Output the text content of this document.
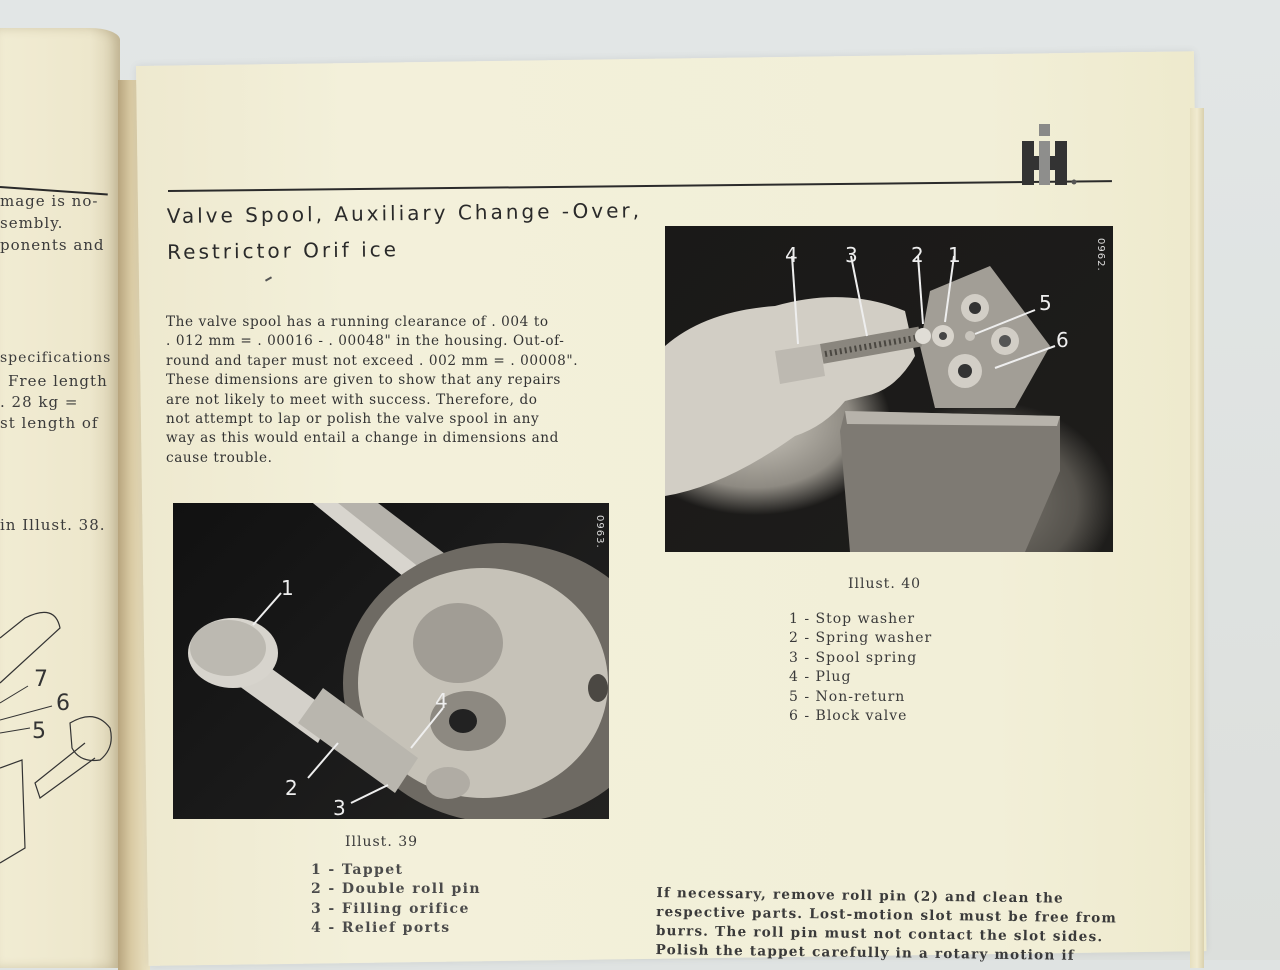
mage is no-
sembly.
ponents and
specifications
Free length
. 28 kg =
st length of
in Illust. 38.
7
6
5
Valve Spool, Auxiliary Change -Over,
Restrictor Orif ice
The valve spool has a running clearance of . 004 to
. 012 mm = . 00016 - . 00048" in the housing. Out-of-
round and taper must not exceed . 002 mm = . 00008".
These dimensions are given to show that any repairs
are not likely to meet with success. Therefore, do
not attempt to lap or polish the valve spool in any
way as this would entail a change in dimensions and
cause trouble.
1
2
3
4
0963.
Illust. 39
1 - Tappet
2 - Double roll pin
3 - Filling orifice
4 - Relief ports
4 3	2 1
5
6
0962.
Illust. 40
1 - Stop washer
2 - Spring washer
3 - Spool spring
4 - Plug
5 - Non-return
6 - Block valve
If necessary, remove roll pin (2) and clean the
respective parts. Lost-motion slot must be free from
burrs. The roll pin must not contact the slot sides.
Polish the tappet carefully in a rotary motion if
